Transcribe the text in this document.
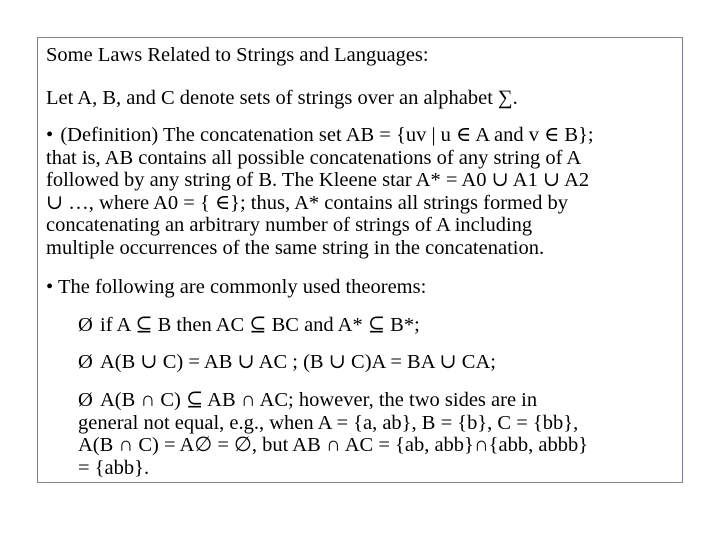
Some Laws Related to Strings and Languages:
Let A, B, and C denote sets of strings over an alphabet ∑.
• (Definition) The concatenation set AB = {uv | u ∈ A and v ∈ B};
that is, AB contains all possible concatenations of any string of A
followed by any string of B. The Kleene star A* = A0 ∪ A1 ∪ A2
∪ …, where A0 = { ∈}; thus, A* contains all strings formed by
concatenating an arbitrary number of strings of A including
multiple occurrences of the same string in the concatenation.
• The following are commonly used theorems:
Ø if A ⊆ B then AC ⊆ BC and A* ⊆ B*;
Ø A(B ∪ C) = AB ∪ AC ; (B ∪ C)A = BA ∪ CA;
Ø A(B ∩ C) ⊆ AB ∩ AC; however, the two sides are in
general not equal, e.g., when A = {a, ab}, B = {b}, C = {bb},
A(B ∩ C) = A∅ = ∅, but AB ∩ AC = {ab, abb}∩{abb, abbb}
= {abb}.
